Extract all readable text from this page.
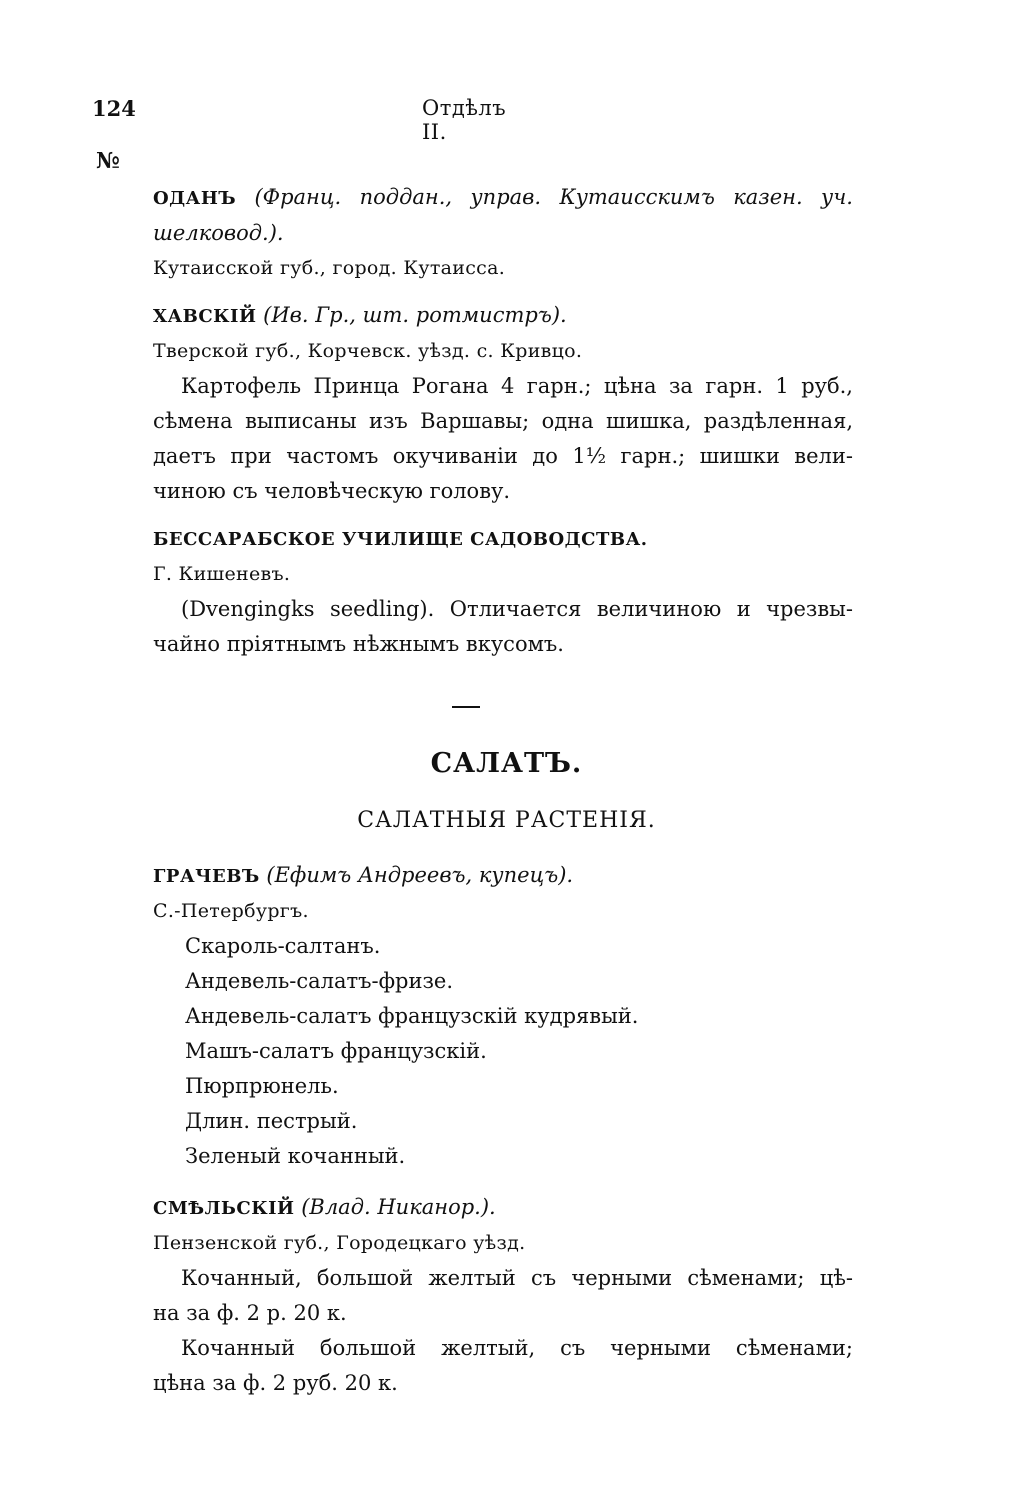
124	Отдѣлъ II.
№
ОДАНЪ (Франц. поддан., управ. Кутаисскимъ казен. уч.
шелковод.).
Кутаисской губ., город. Кутаисса.
ХАВСКІЙ (Ив. Гр., шт. ротмистръ).
Тверской губ., Корчевск. уѣзд. с. Кривцо.
Картофель Принца Рогана 4 гарн.; цѣна за гарн. 1 руб.,
сѣмена выписаны изъ Варшавы; одна шишка, раздѣленная,
даетъ при частомъ окучиваніи до 1½ гарн.; шишки вели-
чиною съ человѣческую голову.
БЕССАРАБСКОЕ УЧИЛИЩЕ САДОВОДСТВА.
Г. Кишеневъ.
(Dvengingks seedling). Отличается величиною и чрезвы-
чайно пріятнымъ нѣжнымъ вкусомъ.
САЛАТЪ.
САЛАТНЫЯ РАСТЕНІЯ.
ГРАЧЕВЪ (Ефимъ Андреевъ, купецъ).
С.-Петербургъ.
Скароль-салтанъ.
Андевель-салатъ-фризе.
Андевель-салатъ французскій кудрявый.
Машъ-салатъ французскій.
Пюрпрюнель.
Длин. пестрый.
Зеленый кочанный.
СМѢЛЬСКІЙ (Влад. Никанор.).
Пензенской губ., Городецкаго уѣзд.
Кочанный, большой желтый съ черными сѣменами; цѣ-
на за ф. 2 р. 20 к.
Кочанный большой желтый, съ черными сѣменами;
цѣна за ф. 2 руб. 20 к.
